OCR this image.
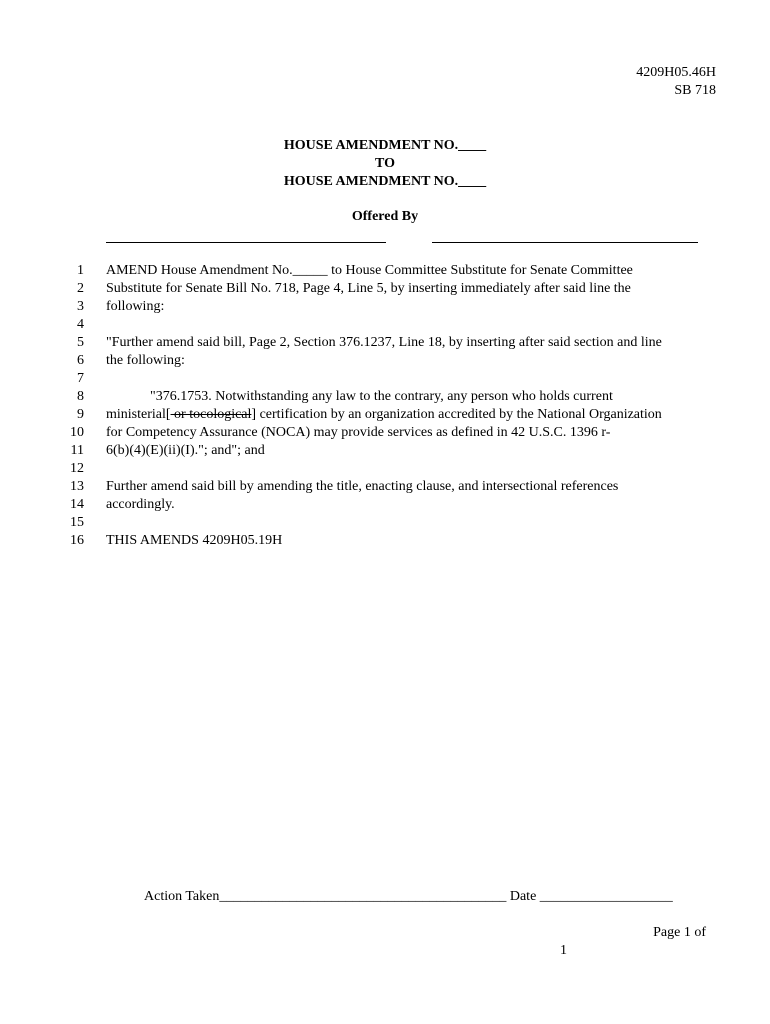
4209H05.46H
SB 718
HOUSE AMENDMENT NO.____
TO
HOUSE AMENDMENT NO.____
Offered By
1 AMEND House Amendment No._____ to House Committee Substitute for Senate Committee
2 Substitute for Senate Bill No. 718, Page 4, Line 5, by inserting immediately after said line the
3 following:
4
5 "Further amend said bill, Page 2, Section 376.1237, Line 18, by inserting after said section and line
6 the following:
7
8	"376.1753. Notwithstanding any law to the contrary, any person who holds current
9 ministerial[ or tocological] certification by an organization accredited by the National Organization
10 for Competency Assurance (NOCA) may provide services as defined in 42 U.S.C. 1396 r-
11 6(b)(4)(E)(ii)(I)."; and"; and
12
13 Further amend said bill by amending the title, enacting clause, and intersectional references
14 accordingly.
15
16 THIS AMENDS 4209H05.19H
Action Taken_________________________________________ Date ___________________
Page 1 of
1
